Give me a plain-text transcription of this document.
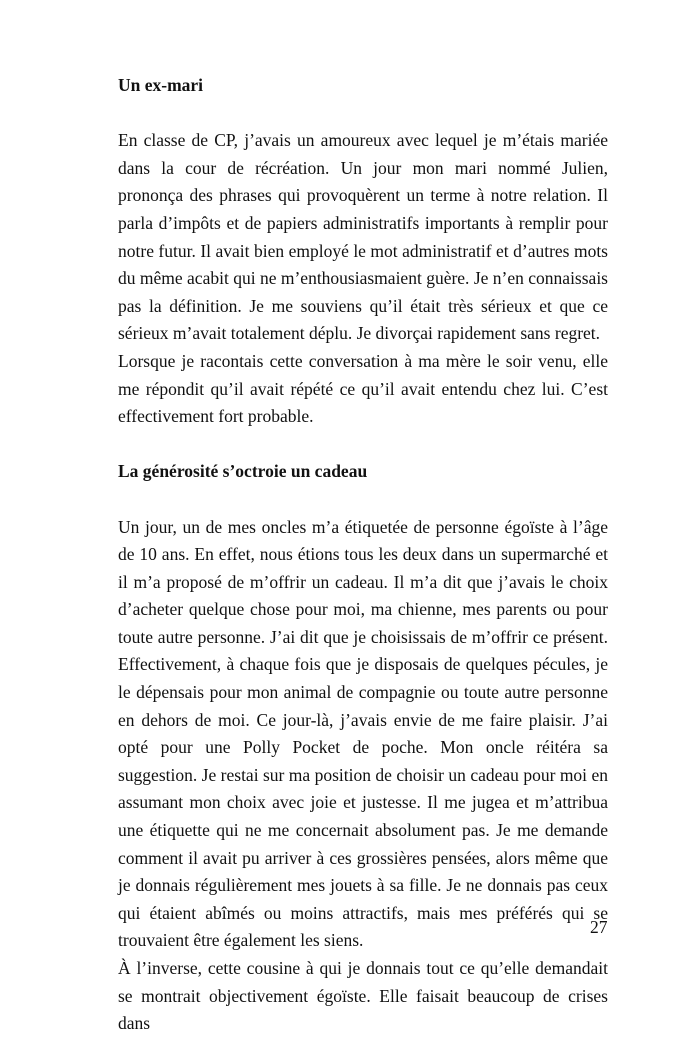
Un ex-mari

En classe de CP, j’avais un amoureux avec lequel je m’étais mariée dans la cour de récréation. Un jour mon mari nommé Julien, prononça des phrases qui provoquèrent un terme à notre relation. Il parla d’impôts et de papiers administratifs importants à remplir pour notre futur. Il avait bien employé le mot administratif et d’autres mots du même acabit qui ne m’enthousiasmaient guère. Je n’en connaissais pas la définition. Je me souviens qu’il était très sérieux et que ce sérieux m’avait totalement déplu. Je divorçai rapidement sans regret.

Lorsque je racontais cette conversation à ma mère le soir venu, elle me répondit qu’il avait répété ce qu’il avait entendu chez lui. C’est effectivement fort probable.

La générosité s’octroie un cadeau

Un jour, un de mes oncles m’a étiquetée de personne égoïste à l’âge de 10 ans. En effet, nous étions tous les deux dans un supermarché et il m’a proposé de m’offrir un cadeau. Il m’a dit que j’avais le choix d’acheter quelque chose pour moi, ma chienne, mes parents ou pour toute autre personne. J’ai dit que je choisissais de m’offrir ce présent. Effectivement, à chaque fois que je disposais de quelques pécules, je le dépensais pour mon animal de compagnie ou toute autre personne en dehors de moi. Ce jour-là, j’avais envie de me faire plaisir. J’ai opté pour une Polly Pocket de poche. Mon oncle réitéra sa suggestion. Je restai sur ma position de choisir un cadeau pour moi en assumant mon choix avec joie et justesse. Il me jugea et m’attribua une étiquette qui ne me concernait absolument pas. Je me demande comment il avait pu arriver à ces grossières pensées, alors même que je donnais régulièrement mes jouets à sa fille. Je ne donnais pas ceux qui étaient abîmés ou moins attractifs, mais mes préférés qui se trouvaient être également les siens.

À l’inverse, cette cousine à qui je donnais tout ce qu’elle demandait se montrait objectivement égoïste. Elle faisait beaucoup de crises dans

27
